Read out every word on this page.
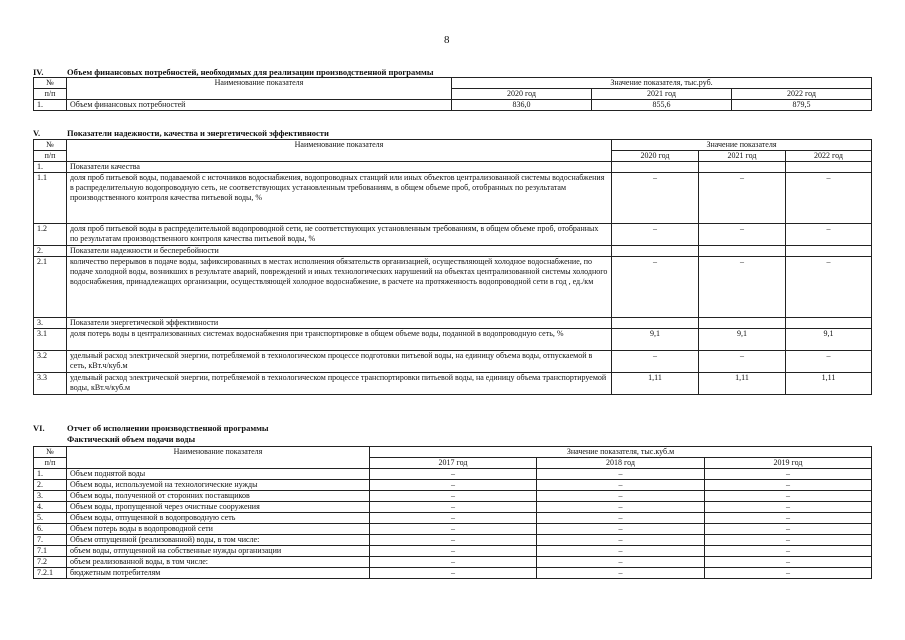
8
IV.	Объем финансовых потребностей, необходимых для реализации производственной программы
№	Наименование показателя	Значение показателя, тыс.руб.		
п/п		2020 год	2021 год	2022 год
1.	Объем финансовых потребностей	836,0	855,6	879,5
V.	Показатели надежности, качества и энергетической эффективности
№	Наименование показателя	Значение показателя		
п/п		2020 год	2021 год	2022 год
1.	Показатели качества			
1.1	доля проб питьевой воды, подаваемой с источников водоснабжения, водопроводных станций или иных объектов централизованной системы водоснабжения в распределительную водопроводную сеть, не соответствующих установленным требованиям, в общем объеме проб, отобранных по результатам производственного контроля качества питьевой воды, %	–	–	–
1.2	доля проб питьевой воды в распределительной водопроводной сети, не соответствующих установленным требованиям, в общем объеме проб, отобранных по результатам производственного контроля качества питьевой воды, %	–	–	–
2.	Показатели надежности и бесперебойности			
2.1	количество перерывов в подаче воды, зафиксированных в местах исполнения обязательств организацией, осуществляющей холодное водоснабжение, по подаче холодной воды, возникших в результате аварий, повреждений и иных технологических нарушений на объектах централизованной системы холодного водоснабжения, принадлежащих организации, осуществляющей холодное водоснабжение, в расчете на протяженность водопроводной сети в год , ед./км	–	–	–
3.	Показатели энергетической эффективности			
3.1	доля потерь воды в централизованных системах водоснабжения при транспортировке в общем объеме воды, поданной в водопроводную сеть, %	9,1	9,1	9,1
3.2	удельный расход электрической энергии, потребляемой в технологическом процессе подготовки питьевой воды, на единицу объема воды, отпускаемой в сеть, кВт.ч/куб.м	–	–	–
3.3	удельный расход электрической энергии, потребляемой в технологическом процессе транспортировки питьевой воды, на единицу объема транспортируемой воды, кВт.ч/куб.м	1,11	1,11	1,11
VI.	Отчет об исполнении производственной программы
Фактический объем подачи воды
№	Наименование показателя	Значение показателя, тыс.куб.м		
п/п		2017 год	2018 год	2019 год
1.	Объем поднятой воды	–	–	–
2.	Объем воды, используемой на технологические нужды	–	–	–
3.	Объем воды, полученной от сторонних поставщиков	–	–	–
4.	Объем воды, пропущенной через очистные сооружения	–	–	–
5.	Объем воды, отпущенной в водопроводную сеть	–	–	–
6.	Объем потерь воды в водопроводной сети	–	–	–
7.	Объем отпущенной (реализованной) воды, в том числе:	–	–	–
7.1	объем воды, отпущенной на собственные нужды организации	–	–	–
7.2	объем реализованной воды, в том числе:	–	–	–
7.2.1	бюджетным потребителям	–	–	–
